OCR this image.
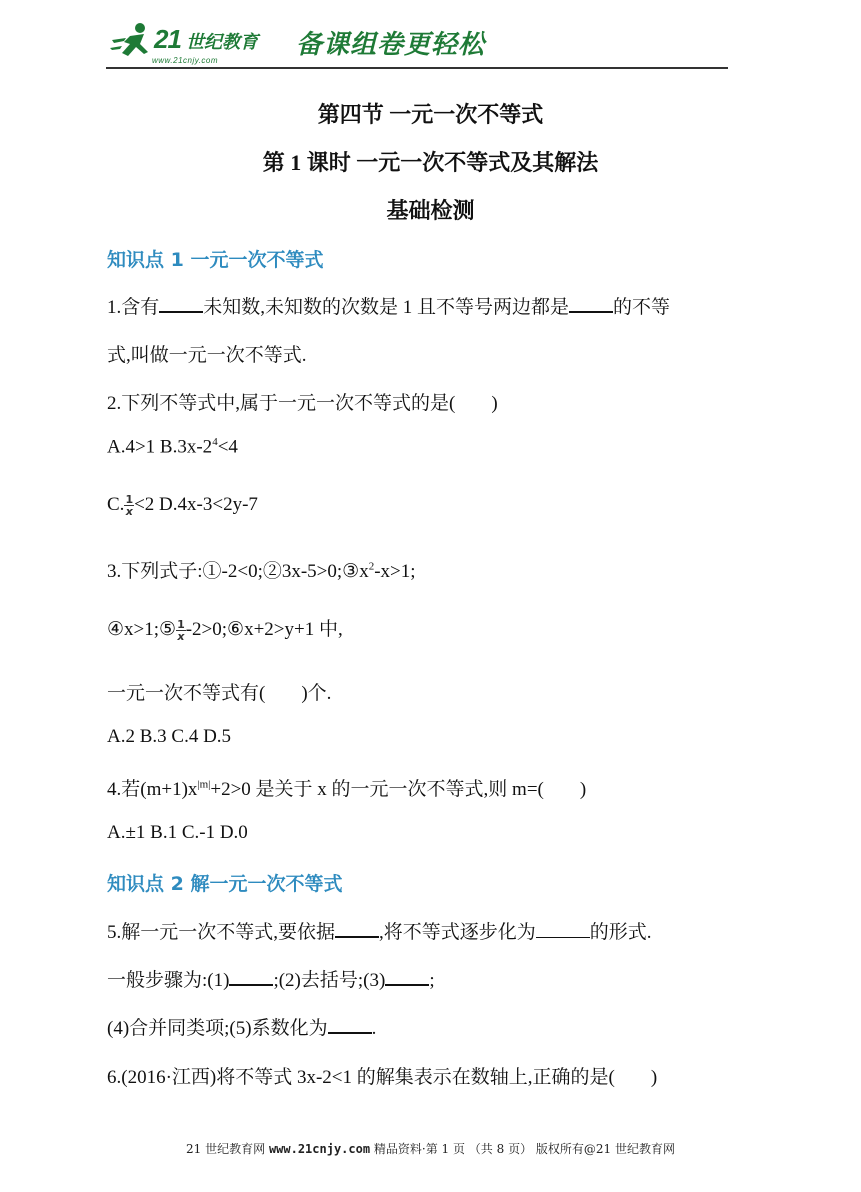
21 世纪教育
www.21cnjy.com
备课组卷更轻松
第四节 一元一次不等式
第 1 课时 一元一次不等式及其解法
基础检测
知识点 1 一元一次不等式
1.含有 未知数,未知数的次数是 1 且不等号两边都是 的不等
式,叫做一元一次不等式.
2.下列不等式中,属于一元一次不等式的是( )
A.4>1 $B.3x-2^4<4$
C. $\frac{1}{x} <2$ D.4x-3<2y-7
3.下列式子$:①-2<0;②3x-5>0;③x^2-x>1$;
④x>1;⑤ $\frac{1}{x}$ -2>0;⑥x+2>y+1 中,
一元一次不等式有( )个.
A.2 B.3 C.4 D.5
4.若$(m+1)x^{|m|}+2>0$ 是关于 x 的一元一次不等式,则 m=( )
A.±1 B.1 C.-1 D.0
知识点 2 解一元一次不等式
5.解一元一次不等式,要依据 ,将不等式逐步化为	的形式.
一般步骤为:(1) ;(2)去括号;(3) ;
(4)合并同类项;(5)系数化为 .
6.(2016·江西)将不等式 3x-2<1 的解集表示在数轴上,正确的是( )
21 世纪教育网 www.21cnjy.com 精品资料·第 1 页 （共 8 页） 版权所有@21 世纪教育网
